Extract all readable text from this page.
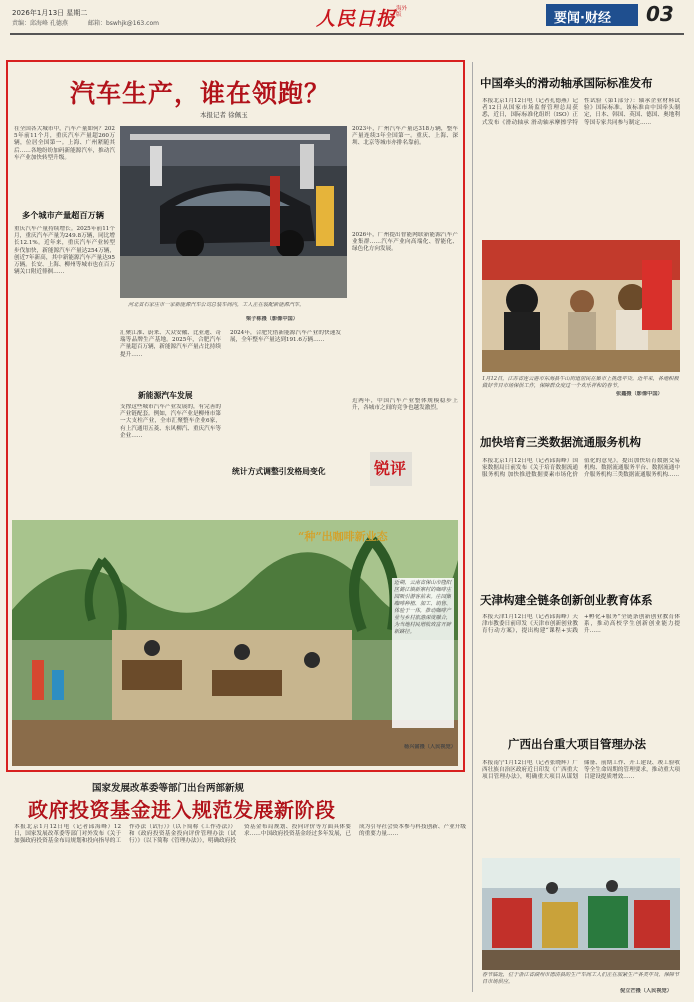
2026年1月13日 星期二
责编：邱海峰 孔德燕	邮箱：bswhjk@163.com	人民日报 海外版	要闻·财经 03
汽车生产，谁在领跑？
本报记者 徐佩玉
在全国各大城市中，汽车产量如何？2025年前11个月，重庆汽车产量超260万辆，位居全国第一。上海、广州紧随其后……各地纷纷加码新能源汽车，推动汽车产业加快转型升级。
多个城市产量超百万辆
重庆汽车产量持续增长。2025年前11个月，重庆汽车产量为249.8万辆，同比增长12.1%。近年来，重庆汽车产业转型步伐加快，新能源汽车产量达254万辆，创近7年新高，其中新能源汽车产量达95万辆。长安、上海、柳州等城市也在百万辆关口附近徘徊……
河北省石家庄市一家新能源汽车公司总装车间内，工人正在装配新能源汽车。
梁子栋摄（影像中国）
汇聚江淮、蔚来、大众安徽、比亚迪、奇瑞等品牌生产基地。2025年，合肥汽车产量超百万辆，新能源汽车产量占比持续提升……
新能源汽车发展
支撑这些城市汽车产业发展的，有完善的产业链配套。例如，汽车产业是柳州市第一大支柱产业，全市汇聚整车企业6家，有上汽通用五菱、东风柳汽、重庆汽车等企业……
2024年，合肥凭借新能源汽车产业的快速发展，全年整车产量达到191.6万辆……
2023年，广州汽车产量达318万辆，整车产量连续3年全国第一。重庆、上海、深圳、北京等城市亦排名靠前。
2026年，广州提出智能网联新能源汽车产业集群……汽车产业向高端化、智能化、绿色化方向发展。
近两年，中国汽车产业整体规模稳步上升，各城市之间的竞争也越发激烈。
统计方式调整引发格局变化	锐评
“种”出咖啡新业态
近期，云南省保山市隆阳区潞江镇新寨村的咖啡庄园吸引游客前来。庄园集咖啡种植、加工、销售、体验于一体，推动咖啡产业与乡村旅游深度融合，为当地村民增收致富开辟新路径。
杨兴富摄（人民视觉）
中国牵头的滑动轴承国际标准发布
本报北京1月12日电（记者孔德燕）记者12日从国家市场监督管理总局获悉，近日，国际标准化组织（ISO）正式发布《滑动轴承 滑动轴承摩擦学特性试验（第1部分）：轴承企业材料试验》国际标准。该标准由中国牵头制定，日本、韩国、英国、德国、奥地利等国专家共同参与制定……
1月12日，江苏省连云港市东海县牛山街道居民在集市上挑选年货。近年来，各地积极做好节日市场保供工作，保障群众度过一个欢乐祥和的春节。
张鑫摄（影像中国）
加快培育三类数据流通服务机构
本报北京1月12日电（记者邱海峰）国家数据局日前发布《关于培育数据流通服务机构 加快推进数据要素市场化价值化的意见》，提出加快培育数据交易机构、数据流通服务平台、数据流通中介服务机构三类数据流通服务机构……
天津构建全链条创新创业教育体系
本报天津1月12日电（记者邱海峰）天津市教委日前印发《天津市创新创业教育行动方案》，提出构建“课程+实践+孵化+服务”全链条创新创业教育体系，推动高校学生创新创业能力提升……
广西出台重大项目管理办法
本报南宁1月12日电（记者张晓辉）广西壮族自治区政府近日印发《广西重大项目管理办法》，明确重大项目从谋划储备、前期工作、开工建设、竣工验收等全生命周期的管理要求，推动重大项目建设提质增效……
春节临近，位于浙江省湖州市德清县的生产车间工人们正在加紧生产各类年货，保障节日市场供应。
倪立芒摄（人民视觉）
国家发展改革委等部门出台两部新规
政府投资基金进入规范发展新阶段
本报北京1月12日电（记者邱海峰）12日，国家发展改革委等部门对外发布《关于加强政府投资基金布局规划和投向指导的工作办法（试行）》（以下简称《工作办法》）和《政府投资基金投向评价管理办法（试行）》（以下简称《管理办法》），明确政府投资基金布局规划、投向评价等方面具体要求……中国政府投资基金经过多年发展，已成为引导社会资本参与科技创新、产业升级的重要力量……
